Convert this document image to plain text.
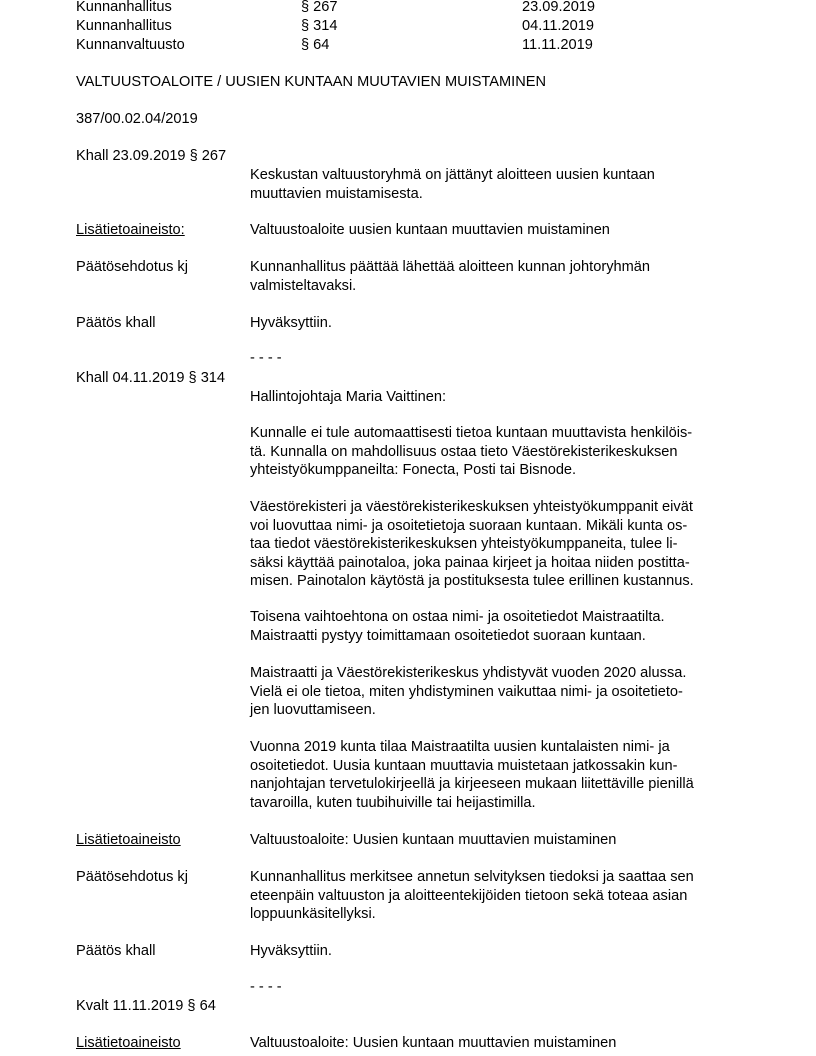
Kunnanhallitus	§ 267	23.09.2019
Kunnanhallitus	§ 314	04.11.2019
Kunnanvaltuusto	§ 64	11.11.2019
VALTUUSTOALOITE / UUSIEN KUNTAAN MUUTAVIEN MUISTAMINEN
387/00.02.04/2019
Khall 23.09.2019 § 267

Keskustan valtuustoryhmä on jättänyt aloitteen uusien kuntaan

muuttavien muistamisesta.

Lisätietoaineisto:	Valtuustoaloite uusien kuntaan muuttavien muistaminen
Päätösehdotus kj	Kunnanhallitus päättää lähettää aloitteen kunnan johtoryhmän

valmisteltavaksi.

Päätös khall	Hyväksyttiin.
- - - -
Khall 04.11.2019 § 314
Hallintojohtaja Maria Vaittinen:

Kunnalle ei tule automaattisesti tietoa kuntaan muuttavista henkilöis-

tä. Kunnalla on mahdollisuus ostaa tieto Väestörekisterikeskuksen

yhteistyökumppaneilta: Fonecta, Posti tai Bisnode.

Väestörekisteri ja väestörekisterikeskuksen yhteistyökumppanit eivät

voi luovuttaa nimi- ja osoitetietoja suoraan kuntaan. Mikäli kunta os-

taa tiedot väestörekisterikeskuksen yhteistyökumppaneita, tulee li-

säksi käyttää painotaloa, joka painaa kirjeet ja hoitaa niiden postitta-

misen. Painotalon käytöstä ja postituksesta tulee erillinen kustannus.

Toisena vaihtoehtona on ostaa nimi- ja osoitetiedot Maistraatilta.

Maistraatti pystyy toimittamaan osoitetiedot suoraan kuntaan.

Maistraatti ja Väestörekisterikeskus yhdistyvät vuoden 2020 alussa.

Vielä ei ole tietoa, miten yhdistyminen vaikuttaa nimi- ja osoitetieto-

jen luovuttamiseen.

Vuonna 2019 kunta tilaa Maistraatilta uusien kuntalaisten nimi- ja

osoitetiedot. Uusia kuntaan muuttavia muistetaan jatkossakin kun-

nanjohtajan tervetulokirjeellä ja kirjeeseen mukaan liitettäville pienillä

tavaroilla, kuten tuubihuiville tai heijastimilla.

Lisätietoaineisto	Valtuustoaloite: Uusien kuntaan muuttavien muistaminen
Päätösehdotus kj	Kunnanhallitus merkitsee annetun selvityksen tiedoksi ja saattaa sen

eteenpäin valtuuston ja aloitteentekijöiden tietoon sekä toteaa asian

loppuunkäsitellyksi.

Päätös khall	Hyväksyttiin.
- - - -
Kvalt 11.11.2019 § 64
Lisätietoaineisto	Valtuustoaloite: Uusien kuntaan muuttavien muistaminen
